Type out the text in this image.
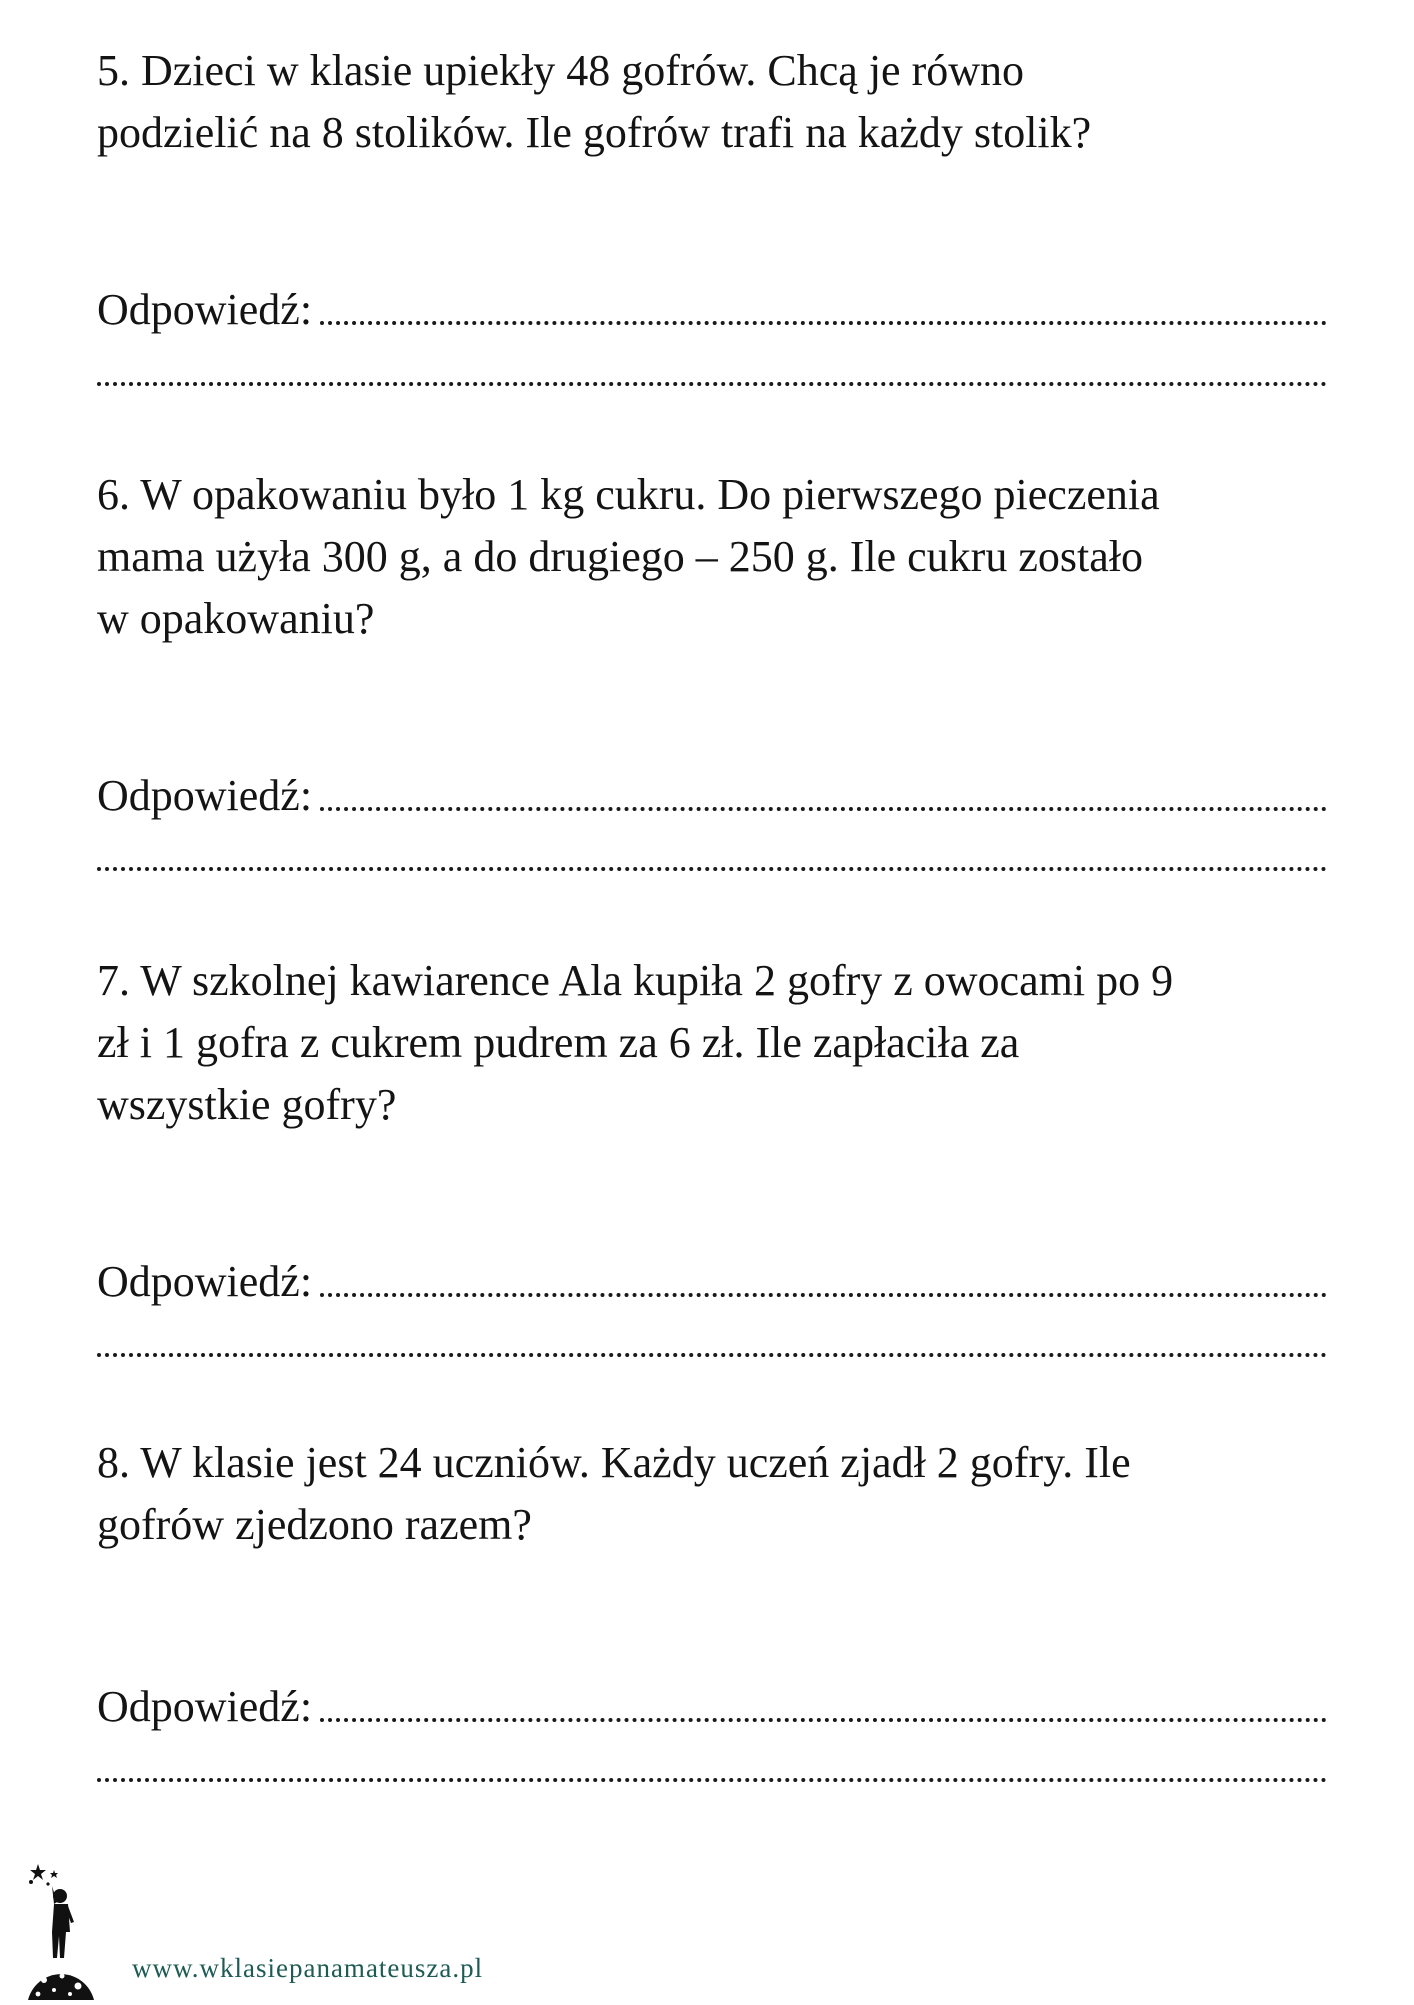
5. Dzieci w klasie upiekły 48 gofrów. Chcą je równo
podzielić na 8 stolików. Ile gofrów trafi na każdy stolik?

Odpowiedź:

6. W opakowaniu było 1 kg cukru. Do pierwszego pieczenia
mama użyła 300 g, a do drugiego – 250 g. Ile cukru zostało
w opakowaniu?

Odpowiedź:

7. W szkolnej kawiarence Ala kupiła 2 gofry z owocami po 9
zł i 1 gofra z cukrem pudrem za 6 zł. Ile zapłaciła za
wszystkie gofry?

Odpowiedź:

8. W klasie jest 24 uczniów. Każdy uczeń zjadł 2 gofry. Ile
gofrów zjedzono razem?

Odpowiedź:
www.wklasiepanamateusza.pl
